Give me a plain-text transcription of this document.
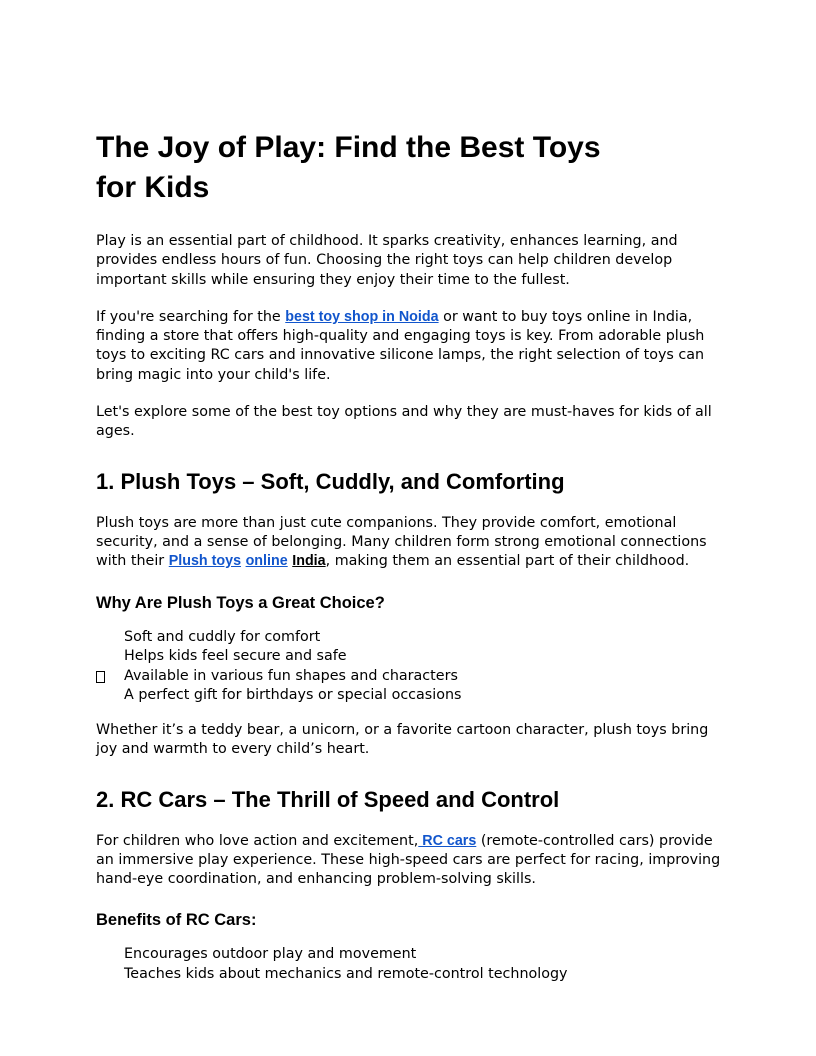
The Joy of Play: Find the Best Toys for Kids

Play is an essential part of childhood. It sparks creativity, enhances learning, and provides endless hours of fun. Choosing the right toys can help children develop important skills while ensuring they enjoy their time to the fullest.

If you're searching for the best toy shop in Noida or want to buy toys online in India, finding a store that offers high-quality and engaging toys is key. From adorable plush toys to exciting RC cars and innovative silicone lamps, the right selection of toys can bring magic into your child's life.

Let's explore some of the best toy options and why they are must-haves for kids of all ages.

1. Plush Toys – Soft, Cuddly, and Comforting

Plush toys are more than just cute companions. They provide comfort, emotional security, and a sense of belonging. Many children form strong emotional connections with their Plush toys online India, making them an essential part of their childhood.

Why Are Plush Toys a Great Choice?
Soft and cuddly for comfort
Helps kids feel secure and safe
Available in various fun shapes and characters
A perfect gift for birthdays or special occasions

Whether it’s a teddy bear, a unicorn, or a favorite cartoon character, plush toys bring joy and warmth to every child’s heart.

2. RC Cars – The Thrill of Speed and Control

For children who love action and excitement, RC cars (remote-controlled cars) provide an immersive play experience. These high-speed cars are perfect for racing, improving hand-eye coordination, and enhancing problem-solving skills.

Benefits of RC Cars:
Encourages outdoor play and movement
Teaches kids about mechanics and remote-control technology
